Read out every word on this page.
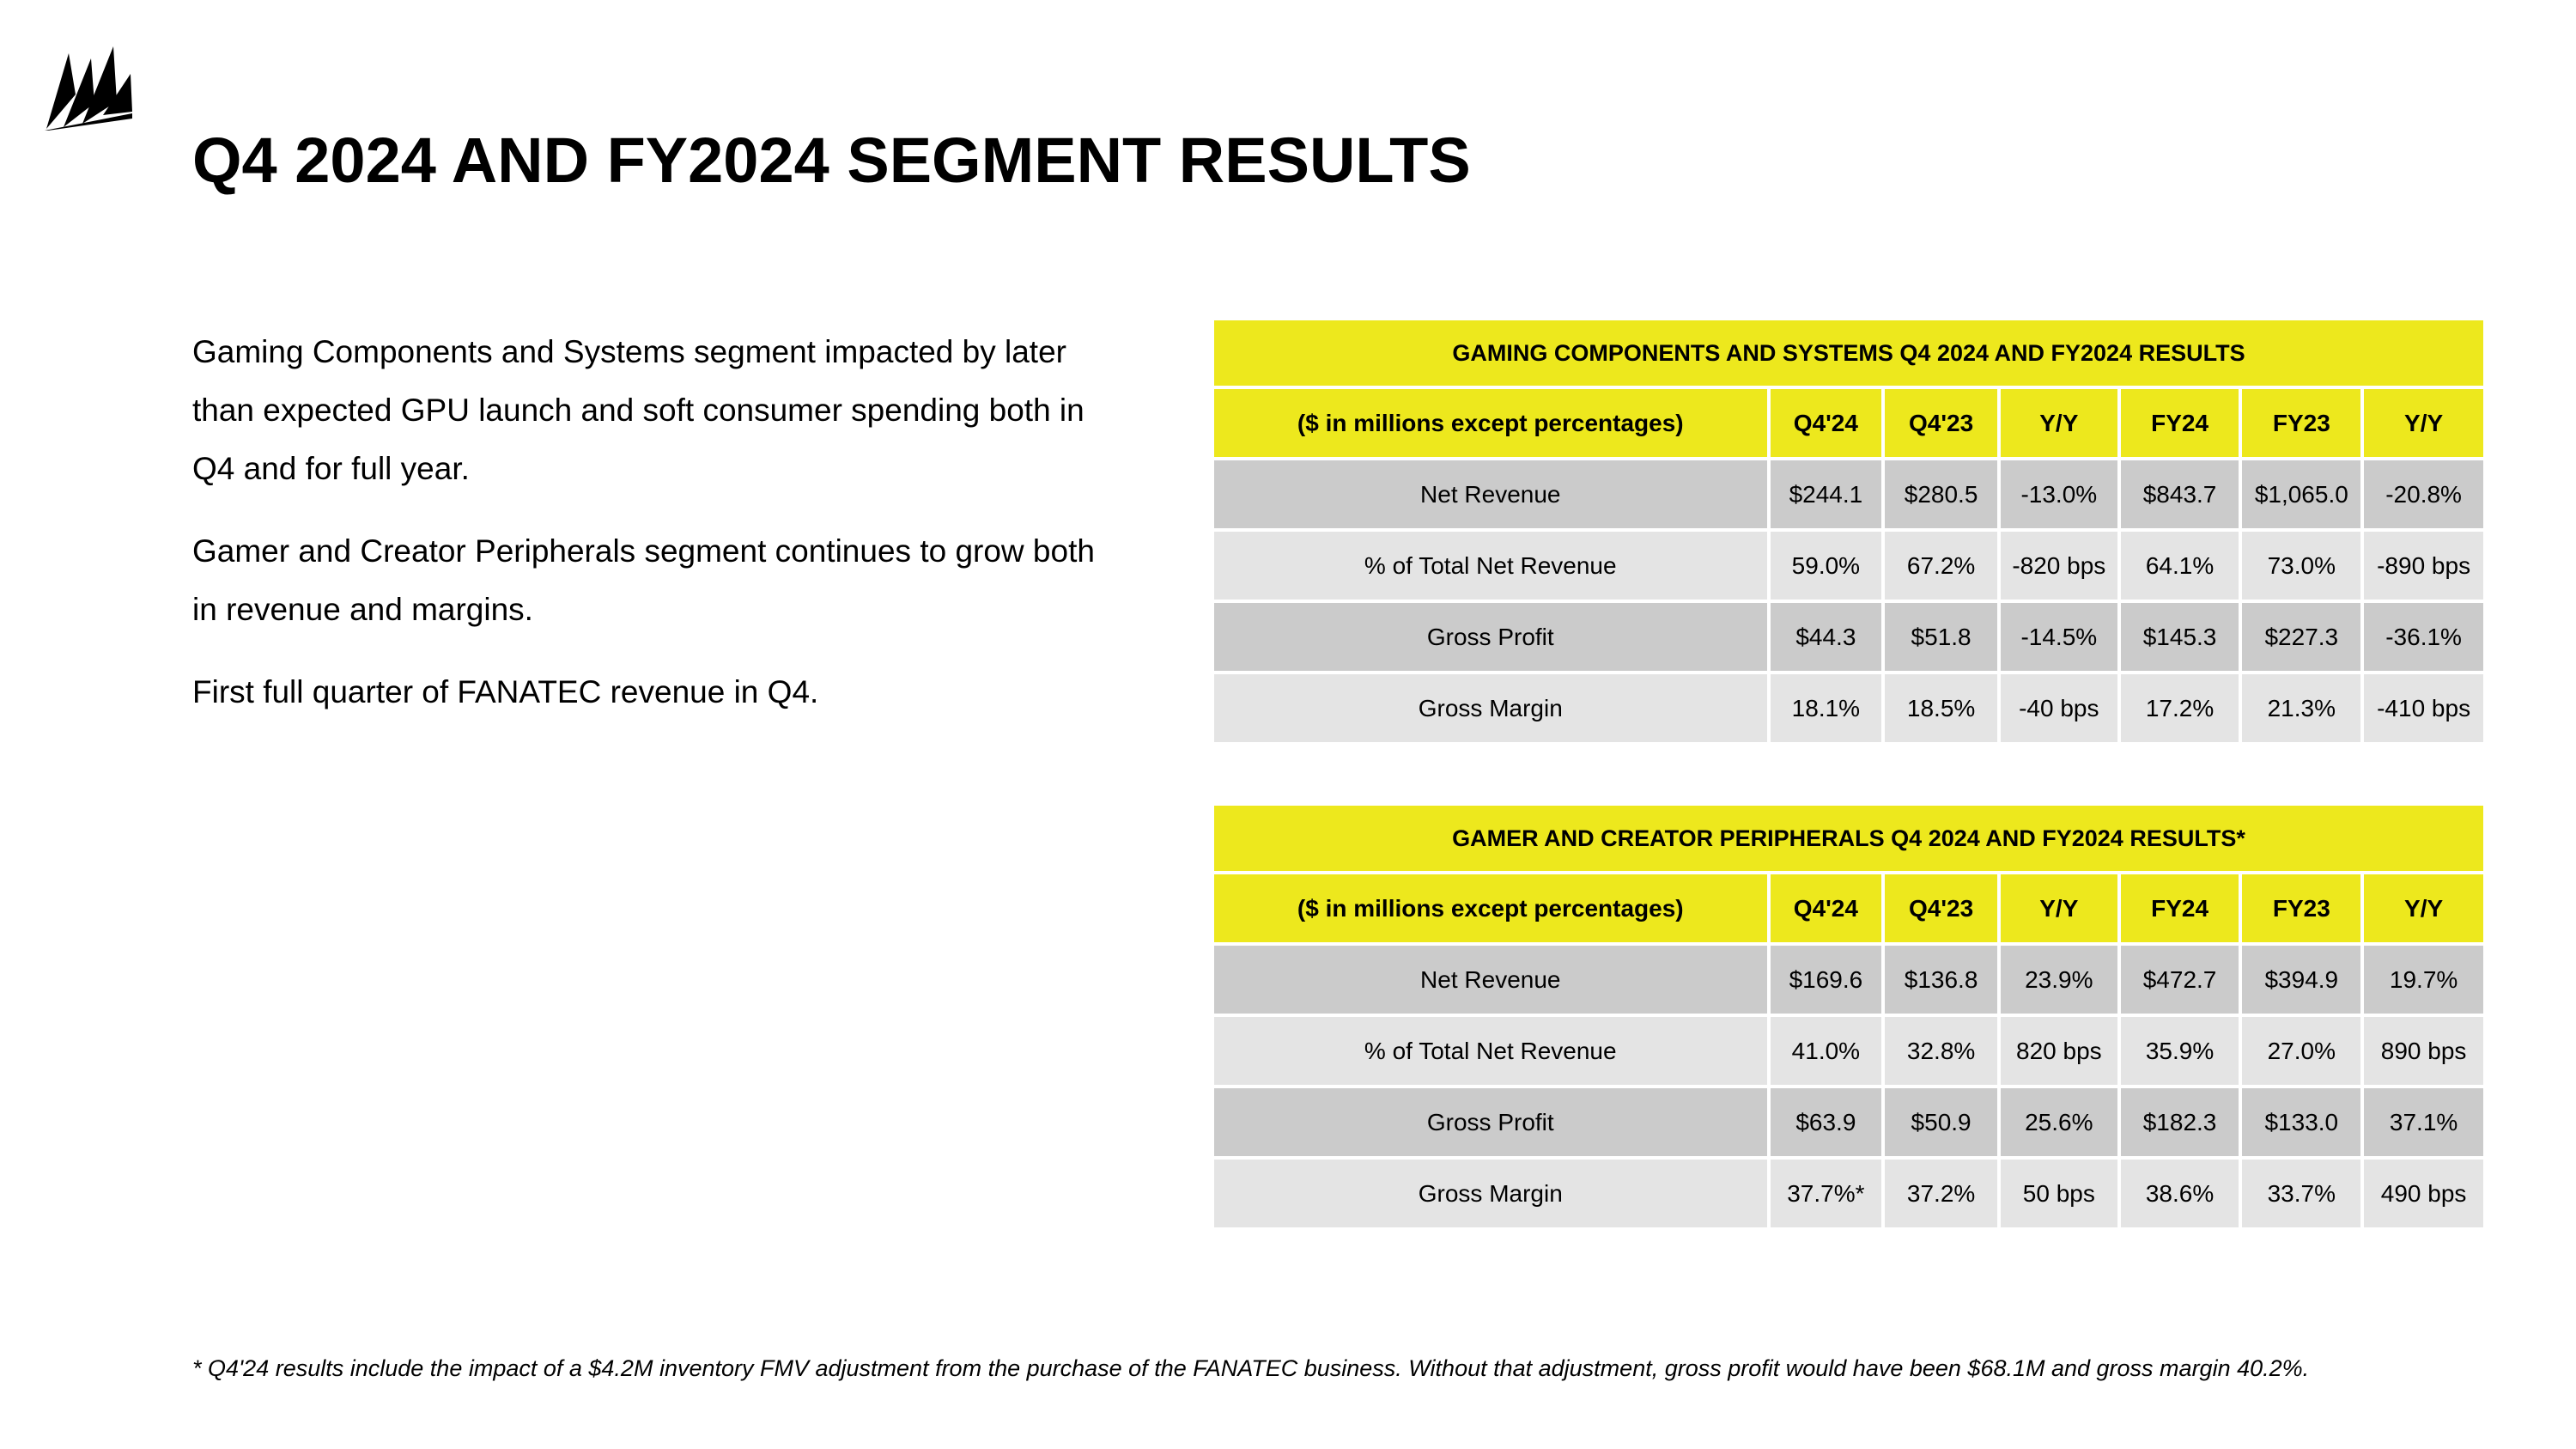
Q4 2024 AND FY2024 SEGMENT RESULTS

Gaming Components and Systems segment impacted by later than expected GPU launch and soft consumer spending both in Q4 and for full year.

Gamer and Creator Peripherals segment continues to grow both in revenue and margins.

First full quarter of FANATEC revenue in Q4.

GAMING COMPONENTS AND SYSTEMS Q4 2024 AND FY2024 RESULTS						
($ in millions except percentages)	Q4'24	Q4'23	Y/Y	FY24	FY23	Y/Y
Net Revenue	$244.1	$280.5	-13.0%	$843.7	$1,065.0	-20.8%
% of Total Net Revenue	59.0%	67.2%	-820 bps	64.1%	73.0%	-890 bps
Gross Profit	$44.3	$51.8	-14.5%	$145.3	$227.3	-36.1%
Gross Margin	18.1%	18.5%	-40 bps	17.2%	21.3%	-410 bps
GAMER AND CREATOR PERIPHERALS Q4 2024 AND FY2024 RESULTS*						
($ in millions except percentages)	Q4'24	Q4'23	Y/Y	FY24	FY23	Y/Y
Net Revenue	$169.6	$136.8	23.9%	$472.7	$394.9	19.7%
% of Total Net Revenue	41.0%	32.8%	820 bps	35.9%	27.0%	890 bps
Gross Profit	$63.9	$50.9	25.6%	$182.3	$133.0	37.1%
Gross Margin	37.7%*	37.2%	50 bps	38.6%	33.7%	490 bps
* Q4'24 results include the impact of a $4.2M inventory FMV adjustment from the purchase of the FANATEC business. Without that adjustment, gross profit would have been $68.1M and gross margin 40.2%.
